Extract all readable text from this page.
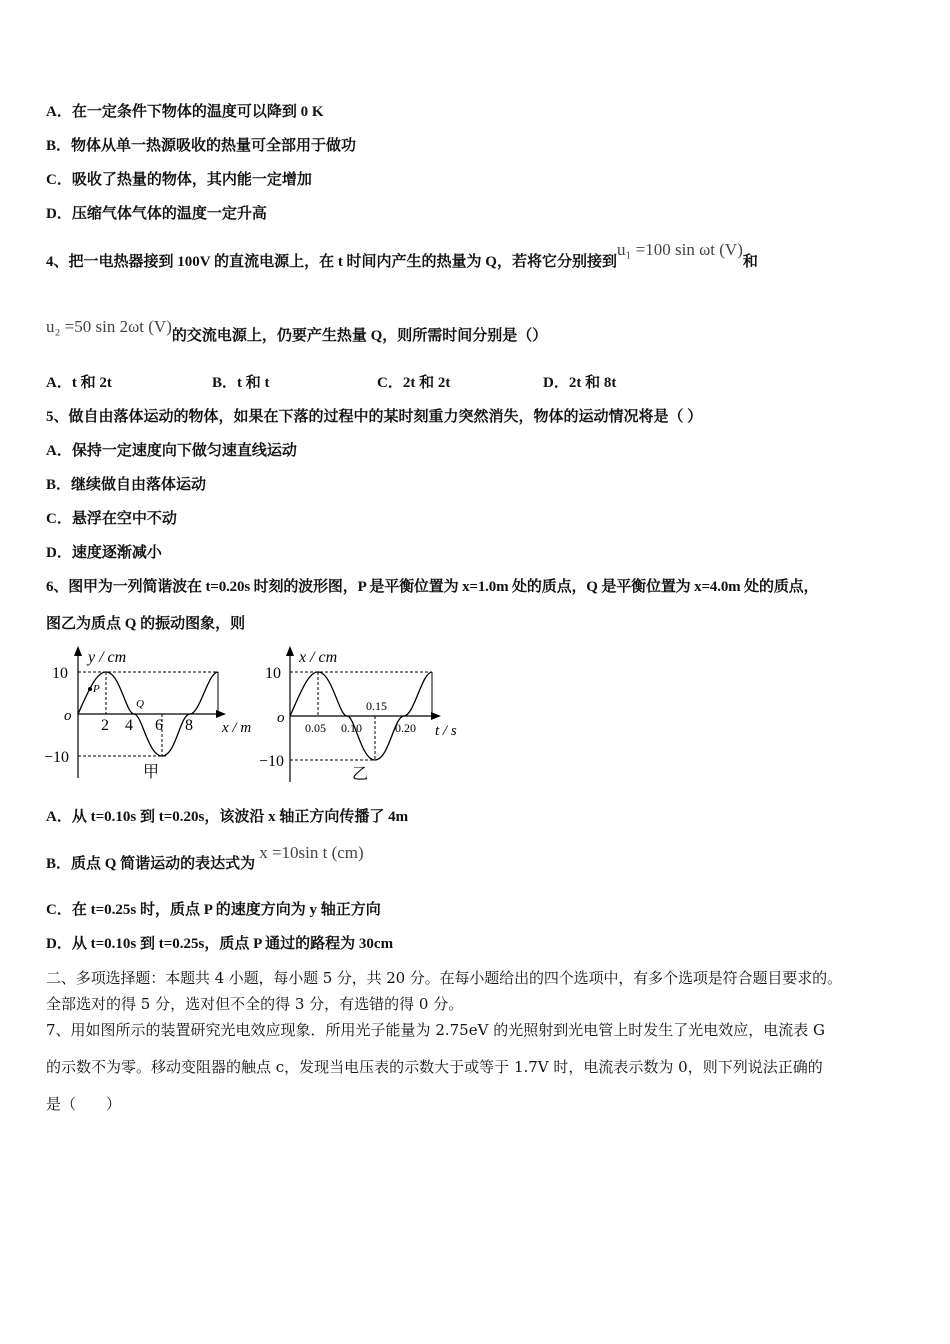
A．在一定条件下物体的温度可以降到 0 K
B．物体从单一热源吸收的热量可全部用于做功
C．吸收了热量的物体，其内能一定增加
D．压缩气体气体的温度一定升高
4、把一电热器接到 100V 的直流电源上，在 t 时间内产生的热量为 Q，若将它分别接到u₁ =100 sin ωt (V)和
u₂ =50 sin 2ωt (V)的交流电源上，仍要产生热量 Q，则所需时间分别是（）
A．t 和 2t	B．t 和 t	C．2t 和 2t	D．2t 和 8t
5、做自由落体运动的物体，如果在下落的过程中的某时刻重力突然消失，物体的运动情况将是（ ）
A．保持一定速度向下做匀速直线运动
B．继续做自由落体运动
C．悬浮在空中不动
D．速度逐渐减小
6、图甲为一列简谐波在 t=0.20s 时刻的波形图，P 是平衡位置为 x=1.0m 处的质点，Q 是平衡位置为 x=4.0m 处的质点，
图乙为质点 Q 的振动图象，则
y / cm
x / m
o
10
−10
P
Q
2 4 6 8
甲
x / cm
t / s
o
10
−10
0.05 0.10
0.15
0.20
乙
A．从 t=0.10s 到 t=0.20s，该波沿 x 轴正方向传播了 4m
B．质点 Q 简谐运动的表达式为x =10sin t (cm)
C．在 t=0.25s 时，质点 P 的速度方向为 y 轴正方向
D．从 t=0.10s 到 t=0.25s，质点 P 通过的路程为 30cm
二、多项选择题：本题共 4 小题，每小题 5 分，共 20 分。在每小题给出的四个选项中，有多个选项是符合题目要求的。
全部选对的得 5 分，选对但不全的得 3 分，有选错的得 0 分。
7、用如图所示的装置研究光电效应现象．所用光子能量为 2.75eV 的光照射到光电管上时发生了光电效应，电流表 G
的示数不为零。移动变阻器的触点 c，发现当电压表的示数大于或等于 1.7V 时，电流表示数为 0，则下列说法正确的
是（　　）
